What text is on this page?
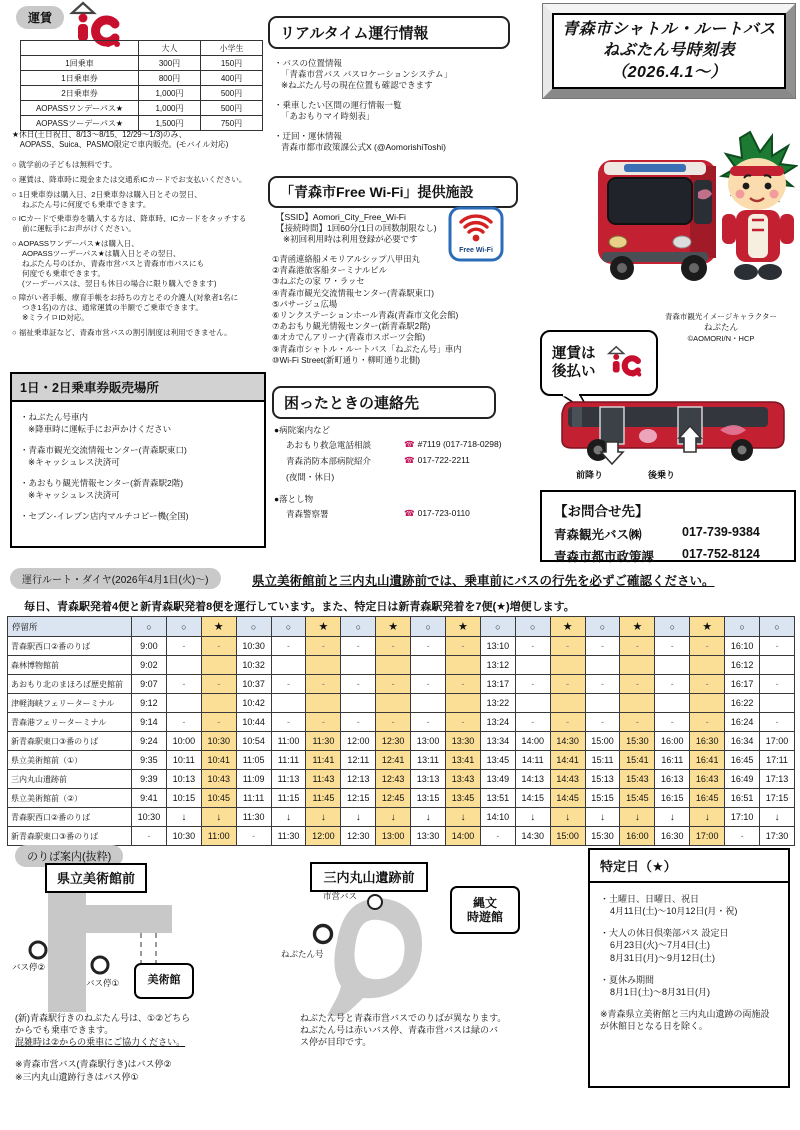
運賃
	大人	小学生
1回乗車	300円	150円
1日乗車券	800円	400円
2日乗車券	1,000円	500円
AOPASSワンデーパス★	1,000円	500円
AOPASSツーデーパス★	1,500円	750円
★休日(土日祝日、8/13～8/15、12/29～1/3)のみ、
　AOPASS、Suica、PASMO限定で車内販売。(モバイル対応)
○ 就学前の子どもは無料です。
○ 運賃は、降車時に現金または交通系ICカードでお支払いください。
○ 1日乗車券は購入日、2日乗車券は購入日とその翌日、
ねぶたん号に何度でも乗車できます。
○ ICカードで乗車券を購入する方は、降車時、ICカードをタッチする
前に運転手にお声がけください。
○ AOPASSワンデーパス★は購入日、
AOPASSツーデーパス★は購入日とその翌日、
ねぶたん号のほか、青森市営バスと青森市市バスにも
何度でも乗車できます。
(ツーデーパスは、翌日も休日の場合に限り購入できます)
○ 障がい者手帳、療育手帳をお持ちの方とその介護人(対象者1名に
つき1名)の方は、通常運賃の半額でご乗車できます。
※ミライロID対応。
○ 福祉乗車証など、青森市営バスの割引制度は利用できません。
1日・2日乗車券販売場所
・ねぶたん号車内
※降車時に運転手にお声かけください
・青森市観光交流情報センター(青森駅東口)
※キャッシュレス決済可
・あおもり観光情報センター(新青森駅2階)
※キャッシュレス決済可
・セブン-イレブン店内マルチコピー機(全国)
リアルタイム運行情報
・バスの位置情報
「青森市営バス バスロケーションシステム」
※ねぶたん号の現在位置も確認できます
・乗車したい区間の運行情報一覧
「あおもりマイ時刻表」
・迂回・運休情報
青森市都市政策課公式X (@AomorishiToshi)
「青森市Free Wi-Fi」提供施設
【SSID】Aomori_City_Free_Wi-Fi
【接続時間】1回60分(1日の回数制限なし)
※初回利用時は利用登録が必要です
Free Wi-Fi
①青函連絡船メモリアルシップ八甲田丸
②青森港旅客船ターミナルビル
③ねぶたの家 ワ・ラッセ
④青森市観光交流情報センター(青森駅東口)
⑤パサージュ広場
⑥リンクステーションホール青森(青森市文化会館)
⑦あおもり観光情報センター(新青森駅2階)
⑧オカでんアリーナ(青森市スポーツ会館)
⑨青森市シャトル・ルートバス「ねぶたん号」車内
⑩Wi-Fi Street(新町通り・柳町通り北側)
困ったときの連絡先
●病院案内など
あおもり救急電話相談	☎ #7119 (017-718-0298)
青森消防本部病院紹介	☎ 017-722-2211
(夜間・休日)
●落とし物
青森警察署	☎ 017-723-0110
青森市シャトル・ルートバス
ねぶたん号時刻表
（2026.4.1～）
青森市観光イメージキャラクター
ねぶたん
©AOMORI/N・HCP
運賃は
後払い
前降り	後乗り
【お問合せ先】
青森観光バス㈱	017-739-9384
青森市都市政策課	017-752-8124
運行ルート・ダイヤ(2026年4月1日(火)～)	県立美術館前と三内丸山遺跡前では、乗車前にバスの行先を必ずご確認ください。
毎日、青森駅発着4便と新青森駅発着8便を運行しています。また、特定日は新青森駅発着を7便(★)増便します。
停留所	○	○	★	○	○	★	○	★	○	★	○	○	★	○	★	○	★	○	○
青森駅西口②番のりば	9:00	-	-	10:30	-	-	-	-	-	-	13:10	-	-	-	-	-	-	16:10	-
森林博物館前	9:02			10:32							13:12							16:12	
あおもり北のまほろば歴史館前	9:07	-	-	10:37	-	-	-	-	-	-	13:17	-	-	-	-	-	-	16:17	-
津軽海峡フェリーターミナル	9:12			10:42							13:22							16:22	
青森港フェリーターミナル	9:14	-	-	10:44	-	-	-	-	-	-	13:24	-	-	-	-	-	-	16:24	-
新青森駅東口③番のりば	9:24	10:00	10:30	10:54	11:00	11:30	12:00	12:30	13:00	13:30	13:34	14:00	14:30	15:00	15:30	16:00	16:30	16:34	17:00
県立美術館前（①）	9:35	10:11	10:41	11:05	11:11	11:41	12:11	12:41	13:11	13:41	13:45	14:11	14:41	15:11	15:41	16:11	16:41	16:45	17:11
三内丸山遺跡前	9:39	10:13	10:43	11:09	11:13	11:43	12:13	12:43	13:13	13:43	13:49	14:13	14:43	15:13	15:43	16:13	16:43	16:49	17:13
県立美術館前（②）	9:41	10:15	10:45	11:11	11:15	11:45	12:15	12:45	13:15	13:45	13:51	14:15	14:45	15:15	15:45	16:15	16:45	16:51	17:15
青森駅西口②番のりば	10:30	↓	↓	11:30	↓	↓	↓	↓	↓	↓	14:10	↓	↓	↓	↓	↓	↓	17:10	↓
新青森駅東口③番のりば	-	10:30	11:00	-	11:30	12:00	12:30	13:00	13:30	14:00	-	14:30	15:00	15:30	16:00	16:30	17:00	-	17:30
のりば案内(抜粋)
県立美術館前
バス停②
バス停①	美術館
(新)青森駅行きのねぶたん号は、①②どちら
からでも乗車できます。
混雑時は②からの乗車にご協力ください。
※青森市営バス(青森駅行き)はバス停②
※三内丸山遺跡行きはバス停①
三内丸山遺跡前
市営バス
ねぶたん号
縄文
時遊館
ねぶたん号と青森市営バスでのりばが異なります。
ねぶたん号は赤いバス停、青森市営バスは緑のバ
ス停が目印です。
特定日（★）
・土曜日、日曜日、祝日
4月11日(土)～10月12日(月・祝)
・大人の休日倶楽部パス 設定日
6月23日(火)～7月4日(土)
8月31日(月)～9月12日(土)
・夏休み期間
8月1日(土)～8月31日(月)
※青森県立美術館と三内丸山遺跡の両施設が休館日となる日を除く。
